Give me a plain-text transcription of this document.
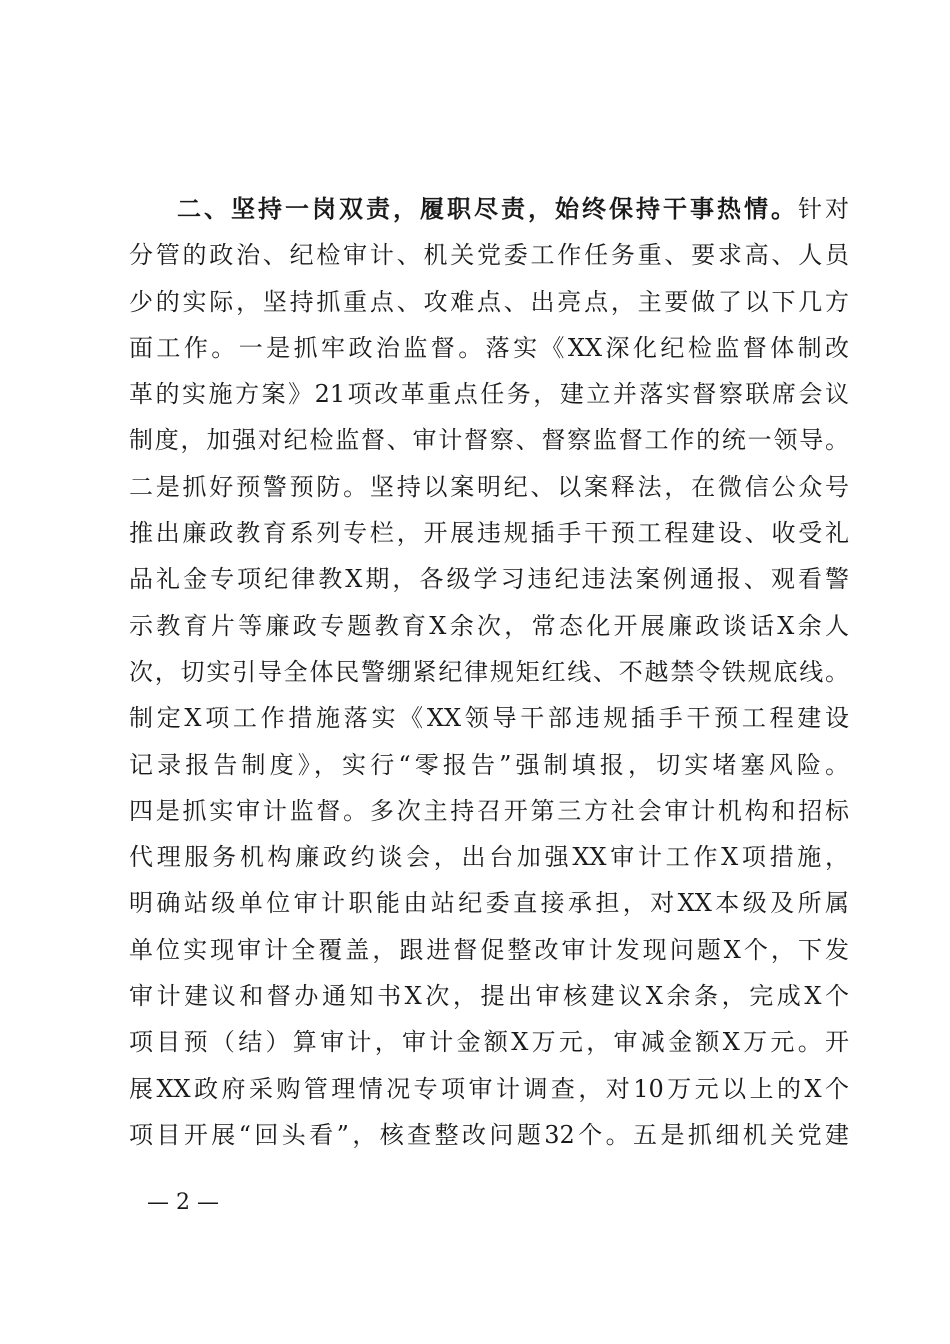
二、坚持一岗双责，履职尽责，始终保持干事热情。针对
分管的政治、纪检审计、机关党委工作任务重、要求高、人员
少的实际，坚持抓重点、攻难点、出亮点，主要做了以下几方
面工作。一是抓牢政治监督。落实《XX深化纪检监督体制改
革的实施方案》21项改革重点任务，建立并落实督察联席会议
制度，加强对纪检监督、审计督察、督察监督工作的统一领导。
二是抓好预警预防。坚持以案明纪、以案释法，在微信公众号
推出廉政教育系列专栏，开展违规插手干预工程建设、收受礼
品礼金专项纪律教X期，各级学习违纪违法案例通报、观看警
示教育片等廉政专题教育X余次，常态化开展廉政谈话X余人
次，切实引导全体民警绷紧纪律规矩红线、不越禁令铁规底线。
制定X项工作措施落实《XX领导干部违规插手干预工程建设
记录报告制度》，实行“零报告”强制填报，切实堵塞风险。
四是抓实审计监督。多次主持召开第三方社会审计机构和招标
代理服务机构廉政约谈会，出台加强XX审计工作X项措施，
明确站级单位审计职能由站纪委直接承担，对XX本级及所属
单位实现审计全覆盖，跟进督促整改审计发现问题X个，下发
审计建议和督办通知书X次，提出审核建议X余条，完成X个
项目预（结）算审计，审计金额X万元，审减金额X万元。开
展XX政府采购管理情况专项审计调查，对10万元以上的X个
项目开展“回头看”，核查整改问题32个。五是抓细机关党建
— 2 —
